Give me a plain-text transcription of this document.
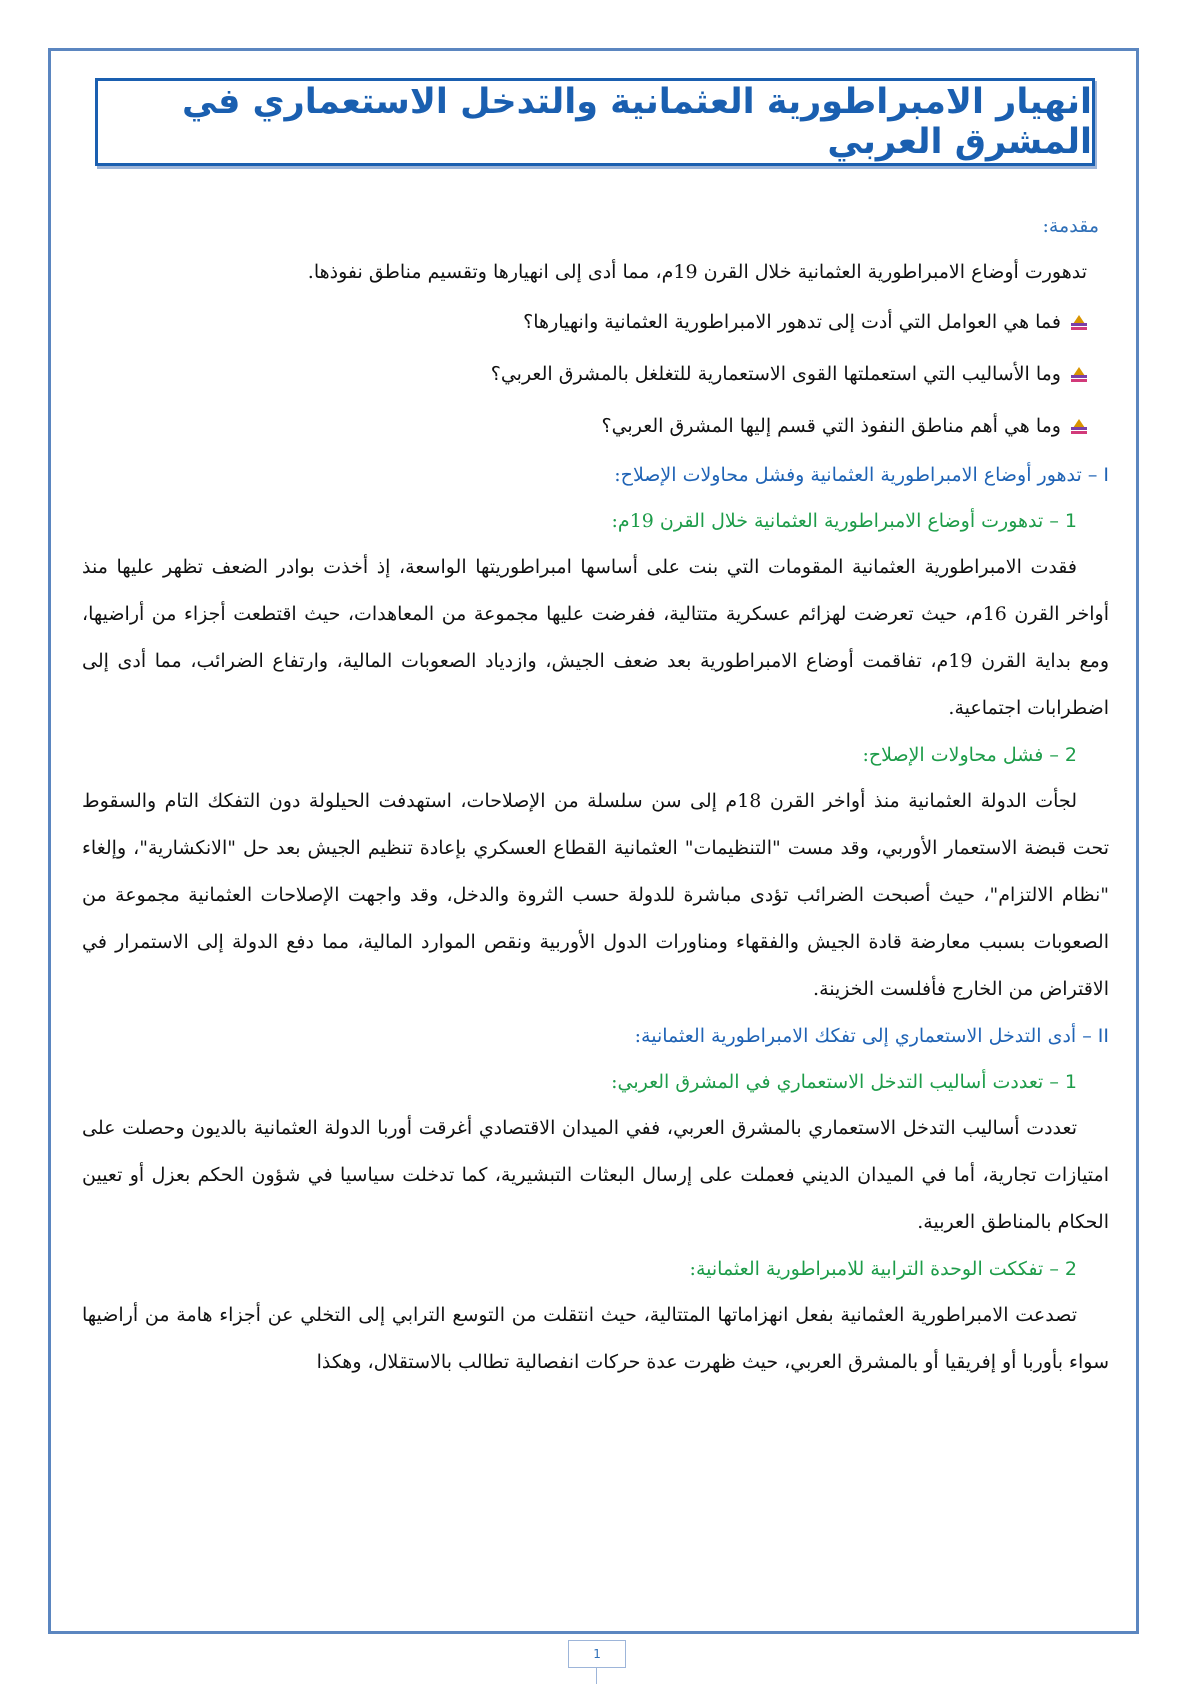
انهيار الامبراطورية العثمانية والتدخل الاستعماري في المشرق العربي
مقدمة:

تدهورت أوضاع الامبراطورية العثمانية خلال القرن 19م، مما أدى إلى انهيارها وتقسيم مناطق نفوذها.

فما هي العوامل التي أدت إلى تدهور الامبراطورية العثمانية وانهيارها؟
وما الأساليب التي استعملتها القوى الاستعمارية للتغلغل بالمشرق العربي؟
وما هي أهم مناطق النفوذ التي قسم إليها المشرق العربي؟
I – تدهور أوضاع الامبراطورية العثمانية وفشل محاولات الإصلاح:
1 – تدهورت أوضاع الامبراطورية العثمانية خلال القرن 19م:

فقدت الامبراطورية العثمانية المقومات التي بنت على أساسها امبراطوريتها الواسعة، إذ أخذت بوادر الضعف تظهر عليها منذ أواخر القرن 16م، حيث تعرضت لهزائم عسكرية متتالية، ففرضت عليها مجموعة من المعاهدات، حيث اقتطعت أجزاء من أراضيها، ومع بداية القرن 19م، تفاقمت أوضاع الامبراطورية بعد ضعف الجيش، وازدياد الصعوبات المالية، وارتفاع الضرائب، مما أدى إلى اضطرابات اجتماعية.

2 – فشل محاولات الإصلاح:

لجأت الدولة العثمانية منذ أواخر القرن 18م إلى سن سلسلة من الإصلاحات، استهدفت الحيلولة دون التفكك التام والسقوط تحت قبضة الاستعمار الأوربي، وقد مست "التنظيمات" العثمانية القطاع العسكري بإعادة تنظيم الجيش بعد حل "الانكشارية"، وإلغاء "نظام الالتزام"، حيث أصبحت الضرائب تؤدى مباشرة للدولة حسب الثروة والدخل، وقد واجهت الإصلاحات العثمانية مجموعة من الصعوبات بسبب معارضة قادة الجيش والفقهاء ومناورات الدول الأوربية ونقص الموارد المالية، مما دفع الدولة إلى الاستمرار في الاقتراض من الخارج فأفلست الخزينة.

II – أدى التدخل الاستعماري إلى تفكك الامبراطورية العثمانية:
1 – تعددت أساليب التدخل الاستعماري في المشرق العربي:

تعددت أساليب التدخل الاستعماري بالمشرق العربي، ففي الميدان الاقتصادي أغرقت أوربا الدولة العثمانية بالديون وحصلت على امتيازات تجارية، أما في الميدان الديني فعملت على إرسال البعثات التبشيرية، كما تدخلت سياسيا في شؤون الحكم بعزل أو تعيين الحكام بالمناطق العربية.

2 – تفككت الوحدة الترابية للامبراطورية العثمانية:

تصدعت الامبراطورية العثمانية بفعل انهزاماتها المتتالية، حيث انتقلت من التوسع الترابي إلى التخلي عن أجزاء هامة من أراضيها سواء بأوربا أو إفريقيا أو بالمشرق العربي، حيث ظهرت عدة حركات انفصالية تطالب بالاستقلال، وهكذا

1
